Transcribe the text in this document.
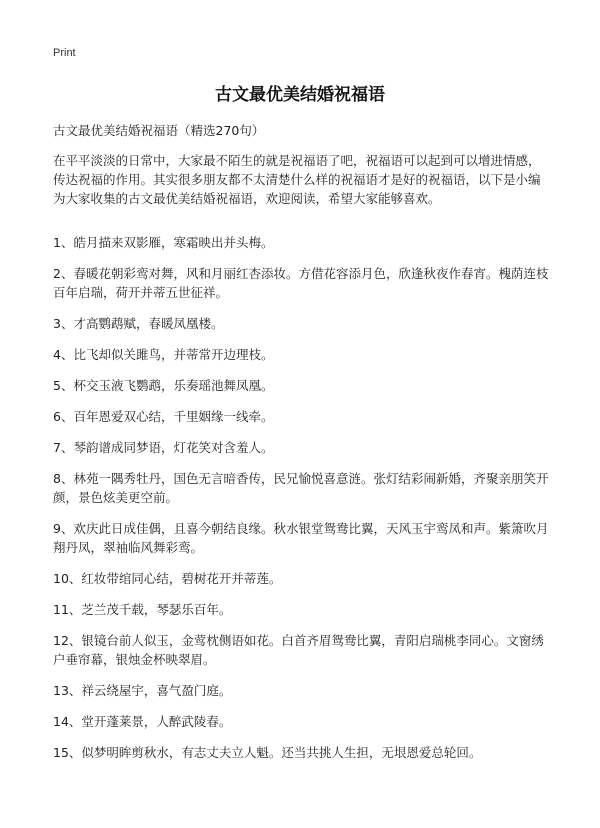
Print
古文最优美结婚祝福语
古文最优美结婚祝福语（精选270句）
在平平淡淡的日常中，大家最不陌生的就是祝福语了吧，祝福语可以起到可以增进情感，传达祝福的作用。其实很多朋友都不太清楚什么样的祝福语才是好的祝福语，以下是小编为大家收集的古文最优美结婚祝福语，欢迎阅读，希望大家能够喜欢。
1、皓月描来双影雁，寒霜映出并头梅。
2、春暖花朝彩鸾对舞，风和月丽红杏添妆。方借花容添月色，欣逢秋夜作春宵。槐荫连枝百年启瑞，荷开并蒂五世征祥。
3、才高鹦鹉赋，春暖凤凰楼。
4、比飞却似关雎鸟，并蒂常开边理枝。
5、杯交玉液飞鹦鹉，乐奏瑶池舞凤凰。
6、百年恩爱双心结，千里姻缘一线牵。
7、琴韵谱成同梦语，灯花笑对含羞人。
8、林苑一隅秀牡丹，国色无言暗香传，民兄愉悦喜意涟。张灯结彩闹新婚，齐聚亲朋笑开颜，景色炫美更空前。
9、欢庆此日成佳偶，且喜今朝结良缘。秋水银堂鸳鸯比翼，天风玉宇鸾凤和声。紫箫吹月翔丹凤，翠袖临风舞彩鸾。
10、红妆带绾同心结，碧树花开并蒂莲。
11、芝兰茂千载，琴瑟乐百年。
12、银镜台前人似玉，金莺枕侧语如花。白首齐眉鸳鸯比翼，青阳启瑞桃李同心。文窗绣户垂帘幕，银烛金杯映翠眉。
13、祥云绕屋宇，喜气盈门庭。
14、堂开蓬莱景，人醉武陵春。
15、似梦明眸剪秋水，有志丈夫立人魁。还当共挑人生担，无垠恩爱总轮回。
